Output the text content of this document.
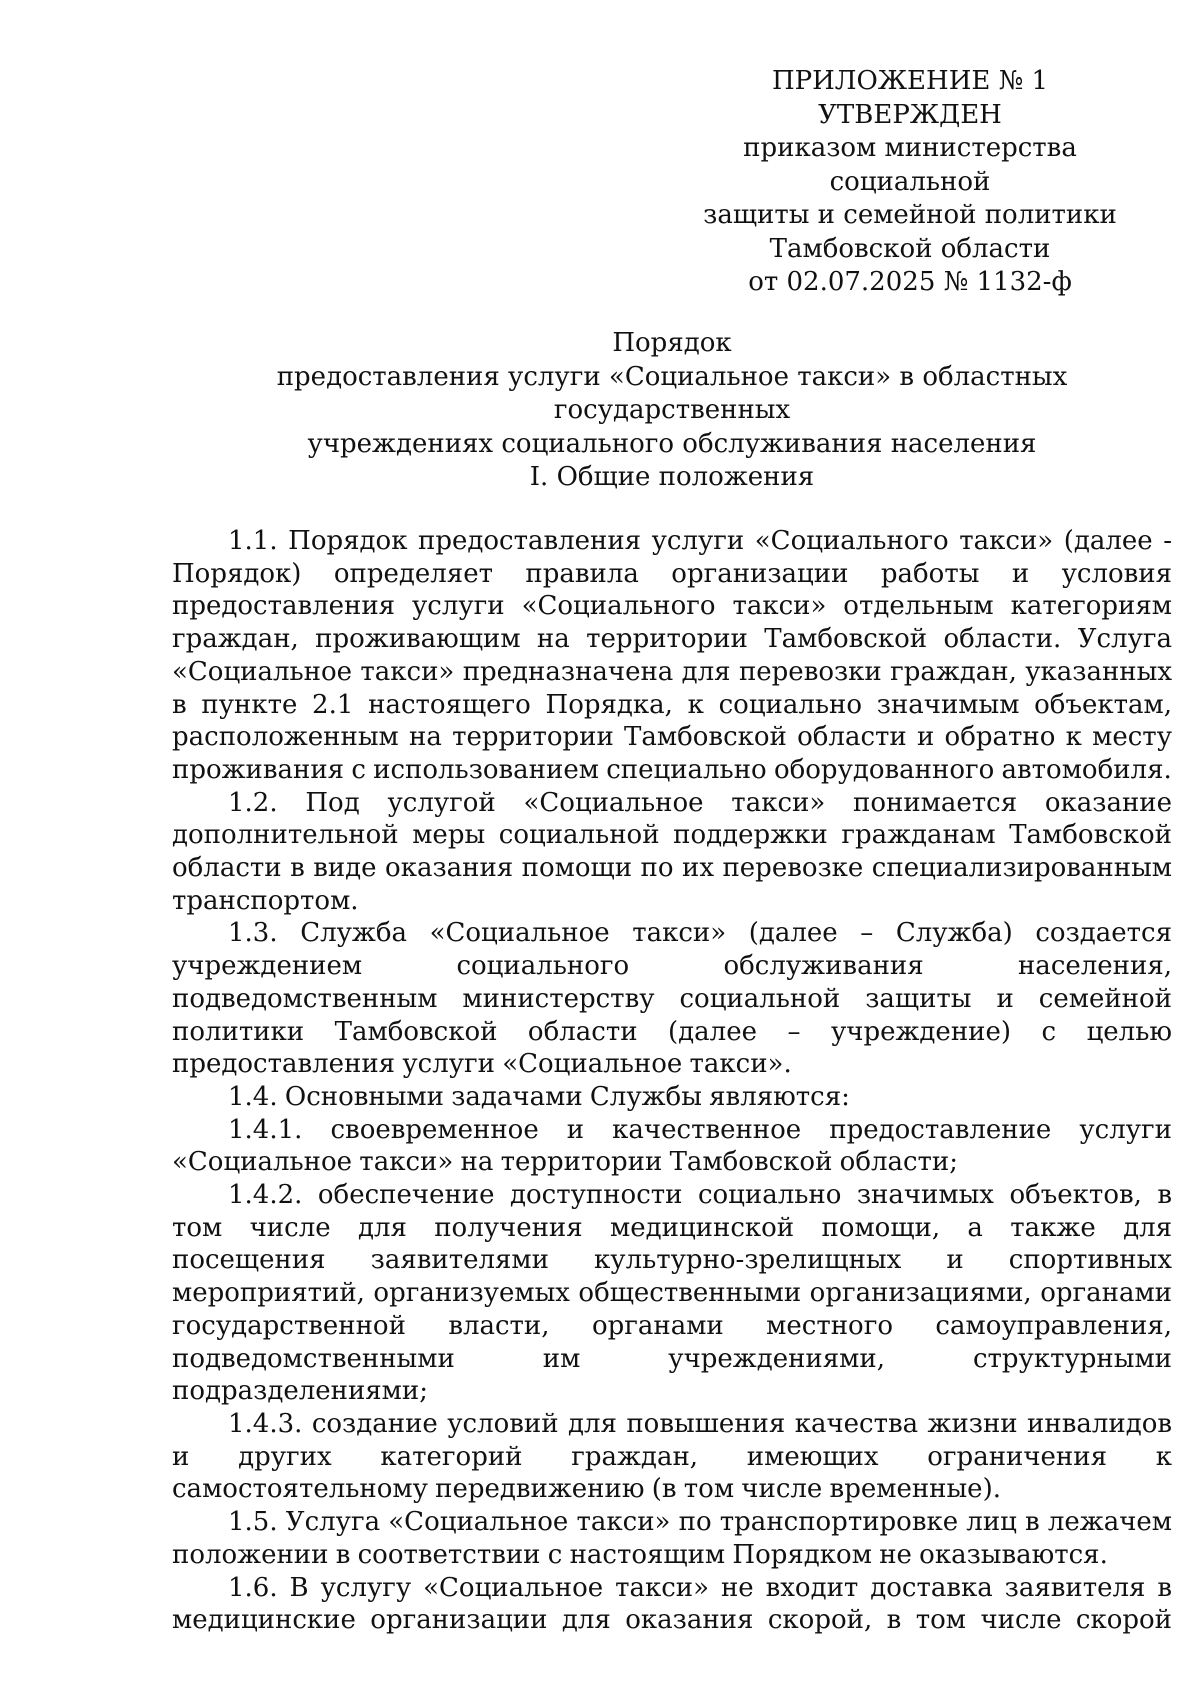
ПРИЛОЖЕНИЕ № 1

УТВЕРЖДЕН

приказом министерства социальной

защиты и семейной политики

Тамбовской области

от 02.07.2025 № 1132-ф

Порядок

предоставления услуги «Социальное такси» в областных государственных

учреждениях социального обслуживания населения

I. Общие положения

1.1. Порядок предоставления услуги «Социального такси» (далее - Порядок) определяет правила организации работы и условия предоставления услуги «Социального такси» отдельным категориям граждан, проживающим на территории Тамбовской области. Услуга «Социальное такси» предназначена для перевозки граждан, указанных в пункте 2.1 настоящего Порядка, к социально значимым объектам, расположенным на территории Тамбовской области и обратно к месту проживания с использованием специально оборудованного автомобиля.

1.2. Под услугой «Социальное такси» понимается оказание дополнительной меры социальной поддержки гражданам Тамбовской области в виде оказания помощи по их перевозке специализированным транспортом.

1.3. Служба «Социальное такси» (далее – Служба) создается учреждением социального обслуживания населения, подведомственным министерству социальной защиты и семейной политики Тамбовской области (далее – учреждение) с целью предоставления услуги «Социальное такси».

1.4. Основными задачами Службы являются:

1.4.1. своевременное и качественное предоставление услуги «Социальное такси» на территории Тамбовской области;

1.4.2. обеспечение доступности социально значимых объектов, в том числе для получения медицинской помощи, а также для посещения заявителями культурно-зрелищных и спортивных мероприятий, организуемых общественными организациями, органами государственной власти, органами местного самоуправления, подведомственными им учреждениями, структурными подразделениями;

1.4.3. создание условий для повышения качества жизни инвалидов и других категорий граждан, имеющих ограничения к самостоятельному передвижению (в том числе временные).

1.5. Услуга «Социальное такси» по транспортировке лиц в лежачем положении в соответствии с настоящим Порядком не оказываются.

1.6. В услугу «Социальное такси» не входит доставка заявителя в медицинские организации для оказания скорой, в том числе скорой
